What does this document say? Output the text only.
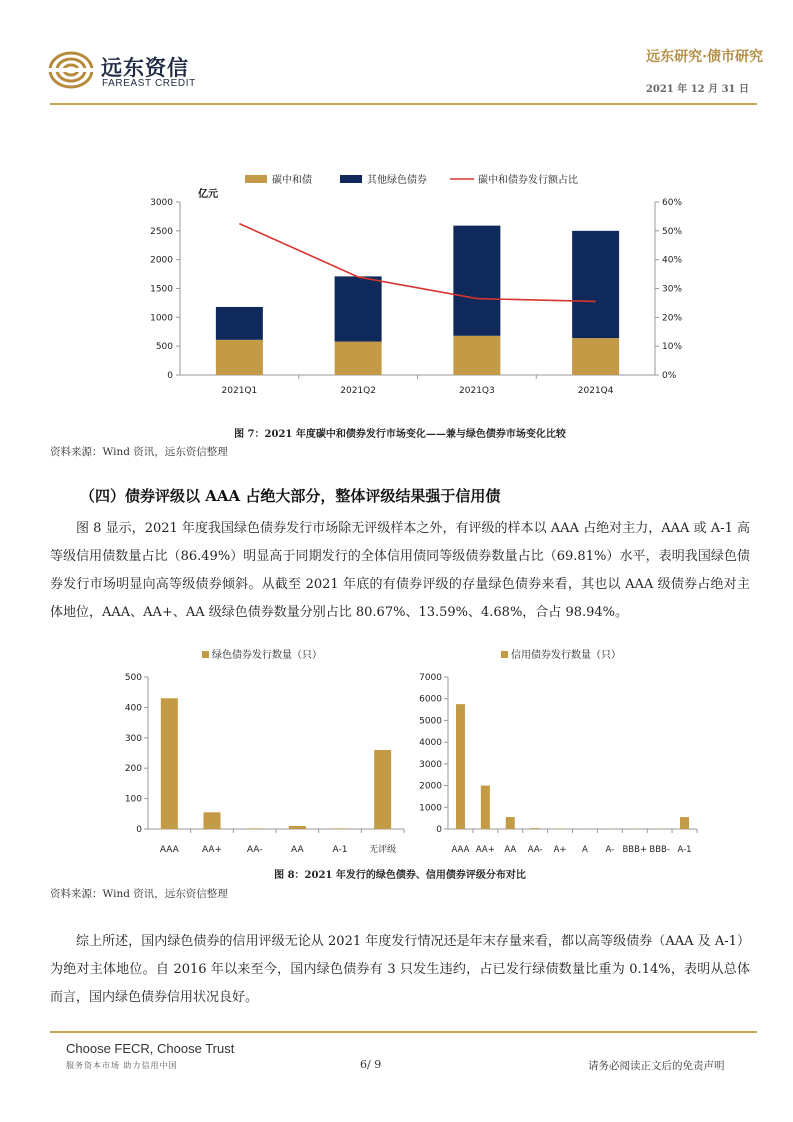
远东资信
FAREAST CREDIT
远东研究·债市研究
2021 年 12 月 31 日
碳中和债	其他绿色债券	碳中和债券发行额占比
亿元
0
500
1000
1500
2000
2500
3000
0%
10%
20%
30%
40%
50%
60%
2021Q1	2021Q2	2021Q3	2021Q4
图 7：2021 年度碳中和债券发行市场变化——兼与绿色债券市场变化比较
资料来源：Wind 资讯，远东资信整理
（四）债券评级以 AAA 占绝大部分，整体评级结果强于信用债

图 8 显示，2021 年度我国绿色债券发行市场除无评级样本之外，有评级的样本以 AAA 占绝对主力，AAA 或 A-1 高等级信用债数量占比（86.49%）明显高于同期发行的全体信用债同等级债券数量占比（69.81%）水平，表明我国绿色债券发行市场明显向高等级债券倾斜。从截至 2021 年底的有债券评级的存量绿色债券来看，其也以 AAA 级债券占绝对主体地位，AAA、AA+、AA 级绿色债券数量分别占比 80.67%、13.59%、4.68%，合占 98.94%。

绿色债券发行数量（只）
0
100
200
300
400
500
AAA	AA+	AA-	AA	A-1 无评级
信用债券发行数量（只）
0
1000
2000
3000
4000
5000
6000
7000
AAA AA+ AA AA- A+ A A- BBB+ BBB- A-1
图 8：2021 年发行的绿色债券、信用债券评级分布对比
资料来源：Wind 资讯，远东资信整理

综上所述，国内绿色债券的信用评级无论从 2021 年度发行情况还是年末存量来看，都以高等级债券（AAA 及 A-1）为绝对主体地位。自 2016 年以来至今，国内绿色债券有 3 只发生违约，占已发行绿债数量比重为 0.14%，表明从总体而言，国内绿色债券信用状况良好。

Choose FECR, Choose Trust
服务资本市场 助力信用中国	6/ 9	请务必阅读正文后的免责声明
